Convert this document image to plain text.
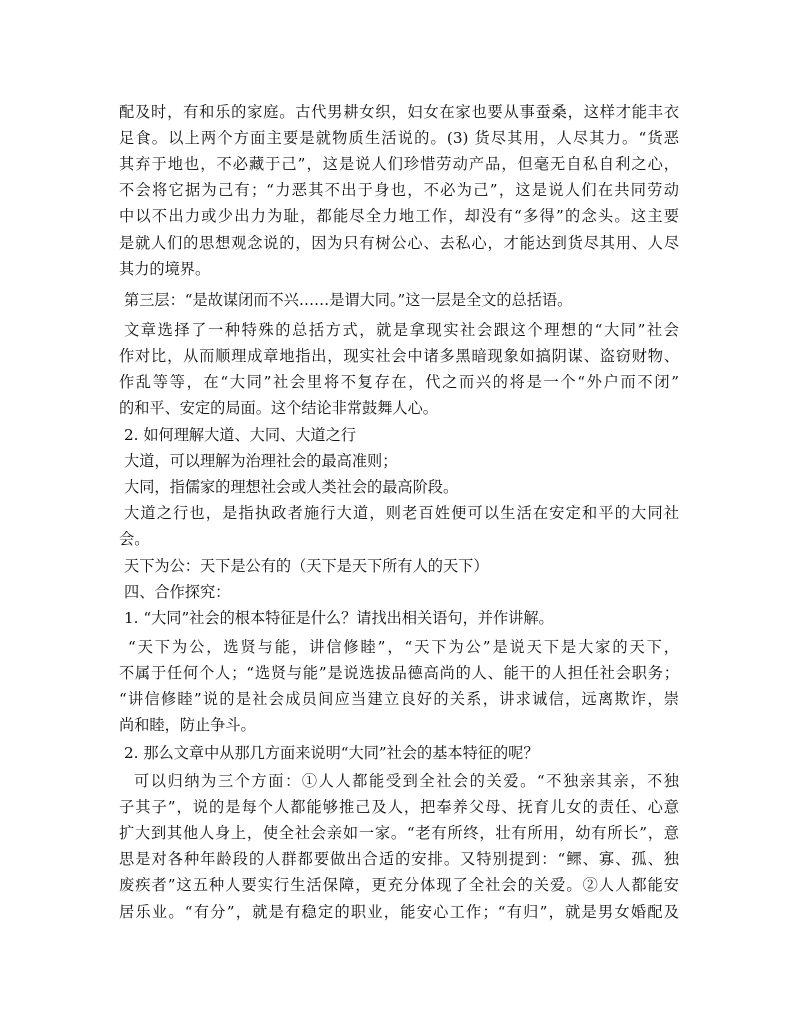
配及时，有和乐的家庭。古代男耕女织，妇女在家也要从事蚕桑，这样才能丰衣
足食。以上两个方面主要是就物质生活说的。(3) 货尽其用，人尽其力。“货恶
其弃于地也，不必藏于己”，这是说人们珍惜劳动产品，但毫无自私自利之心，
不会将它据为己有；“力恶其不出于身也，不必为己”，这是说人们在共同劳动
中以不出力或少出力为耻，都能尽全力地工作，却没有“多得”的念头。这主要
是就人们的思想观念说的，因为只有树公心、去私心，才能达到货尽其用、人尽
其力的境界。
第三层：“是故谋闭而不兴……是谓大同。”这一层是全文的总括语。
文章选择了一种特殊的总括方式，就是拿现实社会跟这个理想的“大同”社会
作对比，从而顺理成章地指出，现实社会中诸多黑暗现象如搞阴谋、盗窃财物、
作乱等等，在“大同”社会里将不复存在，代之而兴的将是一个“外户而不闭”
的和平、安定的局面。这个结论非常鼓舞人心。
2. 如何理解大道、大同、大道之行
大道，可以理解为治理社会的最高准则；
大同，指儒家的理想社会或人类社会的最高阶段。
大道之行也，是指执政者施行大道，则老百姓便可以生活在安定和平的大同社
会。
天下为公：天下是公有的（天下是天下所有人的天下）
四、合作探究：
1. “大同”社会的根本特征是什么？请找出相关语句，并作讲解。
“天下为公，选贤与能，讲信修睦”，“天下为公”是说天下是大家的天下，
不属于任何个人；“选贤与能”是说选拔品德高尚的人、能干的人担任社会职务；
“讲信修睦”说的是社会成员间应当建立良好的关系，讲求诚信，远离欺诈，崇
尚和睦，防止争斗。
2. 那么文章中从那几方面来说明“大同”社会的基本特征的呢？
可以归纳为三个方面：①人人都能受到全社会的关爱。“不独亲其亲，不独
子其子”，说的是每个人都能够推己及人，把奉养父母、抚育儿女的责任、心意
扩大到其他人身上，使全社会亲如一家。“老有所终，壮有所用，幼有所长”，意
思是对各种年龄段的人群都要做出合适的安排。又特别提到：“鳏、寡、孤、独
废疾者”这五种人要实行生活保障，更充分体现了全社会的关爱。②人人都能安
居乐业。“有分”，就是有稳定的职业，能安心工作；“有归”，就是男女婚配及
